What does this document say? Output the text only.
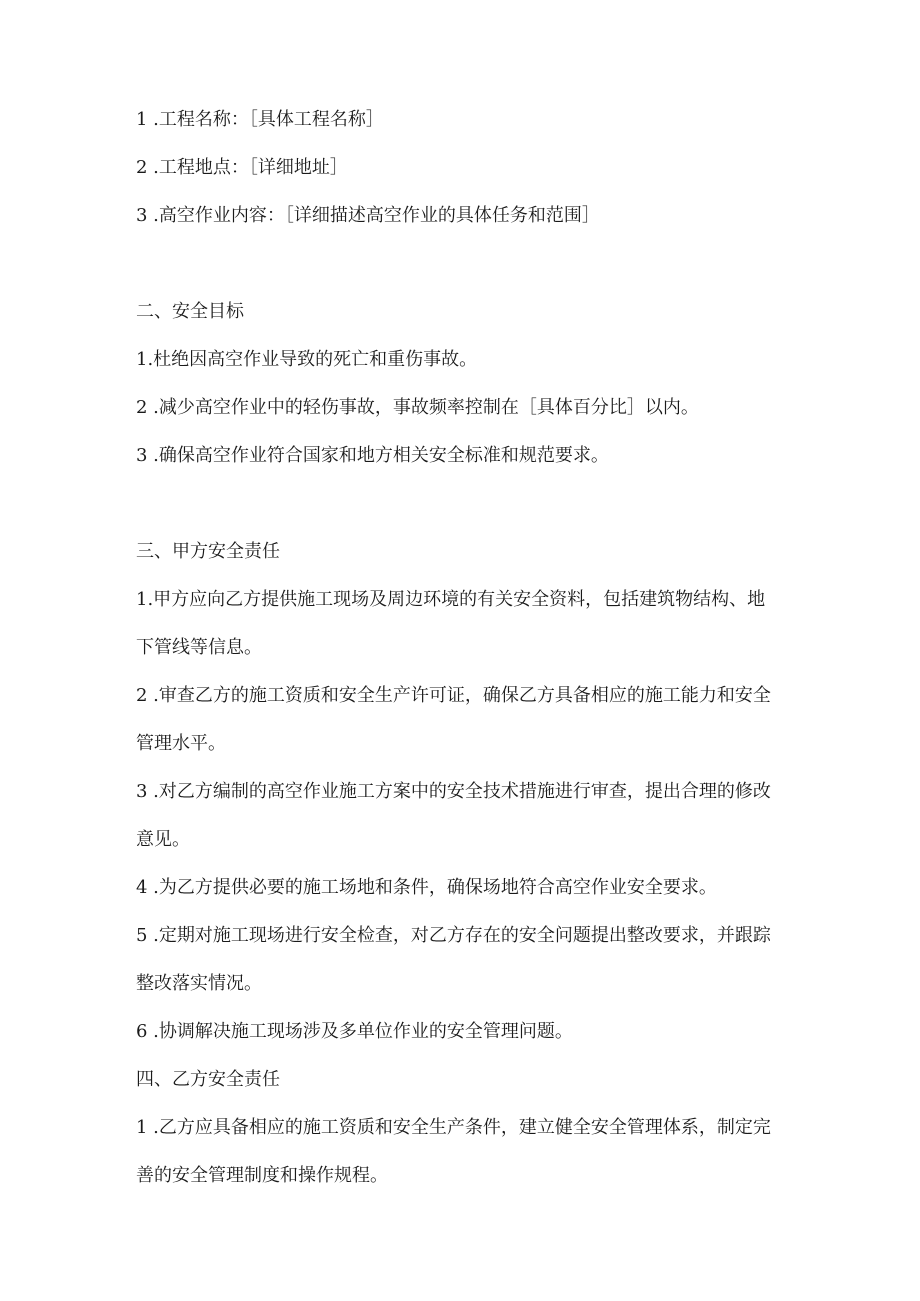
1 .工程名称：［具体工程名称］

2 .工程地点：［详细地址］

3 .高空作业内容：［详细描述高空作业的具体任务和范围］

二、安全目标

1.杜绝因高空作业导致的死亡和重伤事故。

2 .减少高空作业中的轻伤事故，事故频率控制在［具体百分比］以内。

3 .确保高空作业符合国家和地方相关安全标准和规范要求。

三、甲方安全责任

1.甲方应向乙方提供施工现场及周边环境的有关安全资料，包括建筑物结构、地下管线等信息。

2 .审查乙方的施工资质和安全生产许可证，确保乙方具备相应的施工能力和安全管理水平。

3 .对乙方编制的高空作业施工方案中的安全技术措施进行审查，提出合理的修改意见。

4 .为乙方提供必要的施工场地和条件，确保场地符合高空作业安全要求。

5 .定期对施工现场进行安全检查，对乙方存在的安全问题提出整改要求，并跟踪整改落实情况。

6 .协调解决施工现场涉及多单位作业的安全管理问题。

四、乙方安全责任

1 .乙方应具备相应的施工资质和安全生产条件，建立健全安全管理体系，制定完善的安全管理制度和操作规程。
